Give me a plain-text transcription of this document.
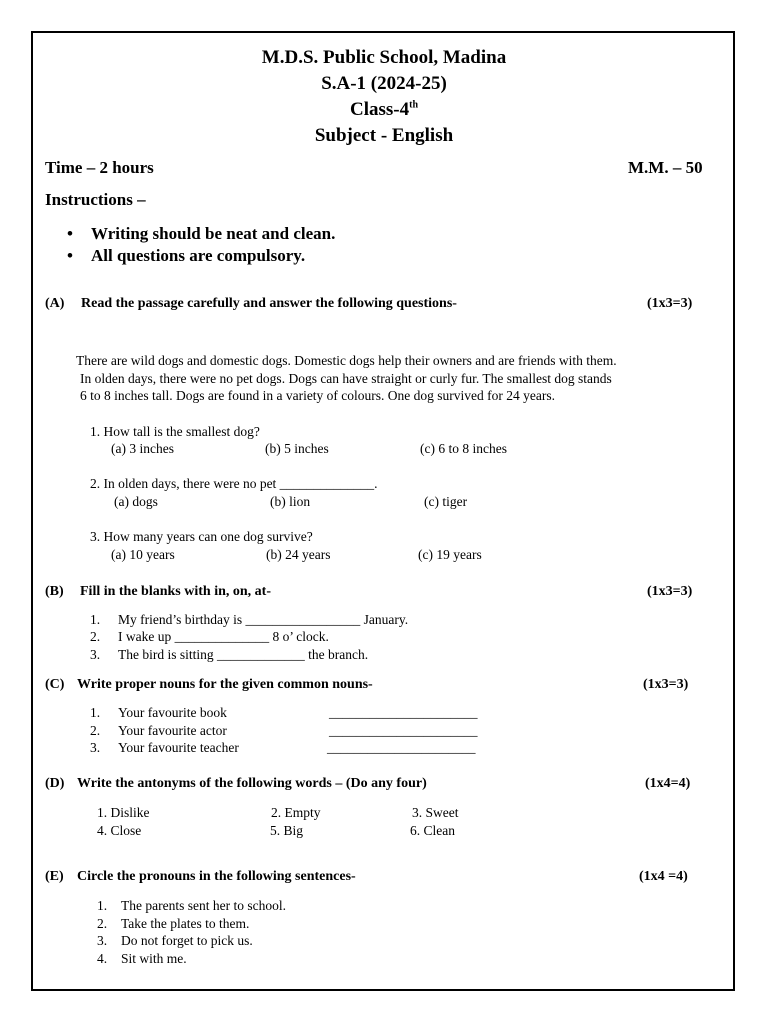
M.D.S. Public School, Madina
S.A-1 (2024-25)
Class-4th
Subject - English
Time – 2 hours	M.M. – 50
Instructions –
• Writing should be neat and clean.
• All questions are compulsory.
(A) Read the passage carefully and answer the following questions-	(1x3=3)
There are wild dogs and domestic dogs. Domestic dogs help their owners and are friends with them.
In olden days, there were no pet dogs. Dogs can have straight or curly fur. The smallest dog stands
6 to 8 inches tall. Dogs are found in a variety of colours. One dog survived for 24 years.
1. How tall is the smallest dog?
(a) 3 inches	(b) 5 inches	(c) 6 to 8 inches
2. In olden days, there were no pet ______________.
(a) dogs	(b) lion	(c) tiger
3. How many years can one dog survive?
(a) 10 years	(b) 24 years	(c) 19 years
(B) Fill in the blanks with in, on, at-	(1x3=3)
1. My friend’s birthday is _________________ January.
2. I wake up ______________ 8 o’ clock.
3. The bird is sitting _____________ the branch.
(C) Write proper nouns for the given common nouns-	(1x3=3)
1. Your favourite book	______________________
2. Your favourite actor	______________________
3. Your favourite teacher	______________________
(D) Write the antonyms of the following words – (Do any four)	(1x4=4)
1. Dislike	2. Empty	3. Sweet
4. Close	5. Big	6. Clean
(E) Circle the pronouns in the following sentences-	(1x4 =4)
1. The parents sent her to school.
2. Take the plates to them.
3. Do not forget to pick us.
4. Sit with me.
